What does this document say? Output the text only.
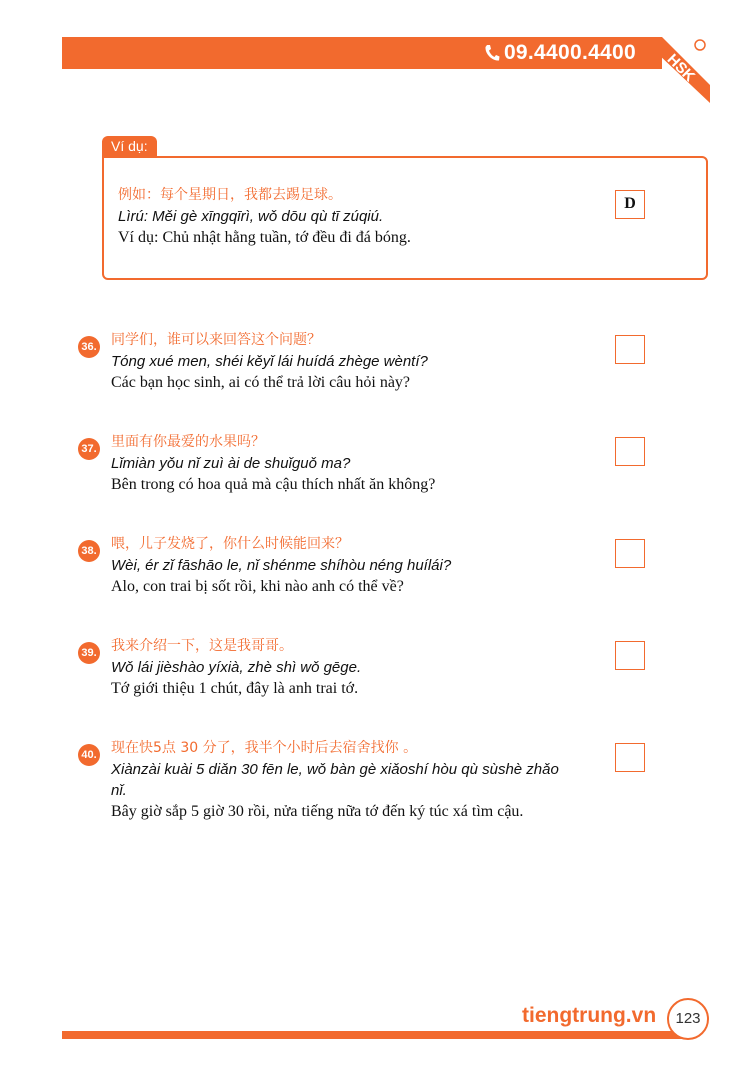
09.4400.4400 HSK
Ví dụ:
例如：每个星期日，我都去踢足球。
Lìrú: Měi gè xīngqīrì, wǒ dōu qù tī zúqiú.
Ví dụ: Chủ nhật hằng tuần, tớ đều đi đá bóng.
D
36. 同学们，谁可以来回答这个问题？
Tóng xué men, shéi kěyǐ lái huídá zhège wèntí?
Các bạn học sinh, ai có thể trả lời câu hỏi này?
37. 里面有你最爱的水果吗？
Lǐmiàn yǒu nǐ zuì ài de shuǐguǒ ma?
Bên trong có hoa quả mà cậu thích nhất ăn không?
38. 喂，儿子发烧了，你什么时候能回来？
Wèi, ér zǐ fāshāo le, nǐ shénme shíhòu néng huílái?
Alo, con trai bị sốt rồi, khi nào anh có thể về?
39. 我来介绍一下，这是我哥哥。
Wǒ lái jièshào yíxià, zhè shì wǒ gēge.
Tớ giới thiệu 1 chút, đây là anh trai tớ.
40. 现在快5点 30 分了，我半个小时后去宿舍找你 。
Xiànzài kuài 5 diǎn 30 fēn le, wǒ bàn gè xiǎoshí hòu qù sùshè zhǎo nǐ.
Bây giờ sắp 5 giờ 30 rồi, nửa tiếng nữa tớ đến ký túc xá tìm cậu.
tiengtrung.vn	123
